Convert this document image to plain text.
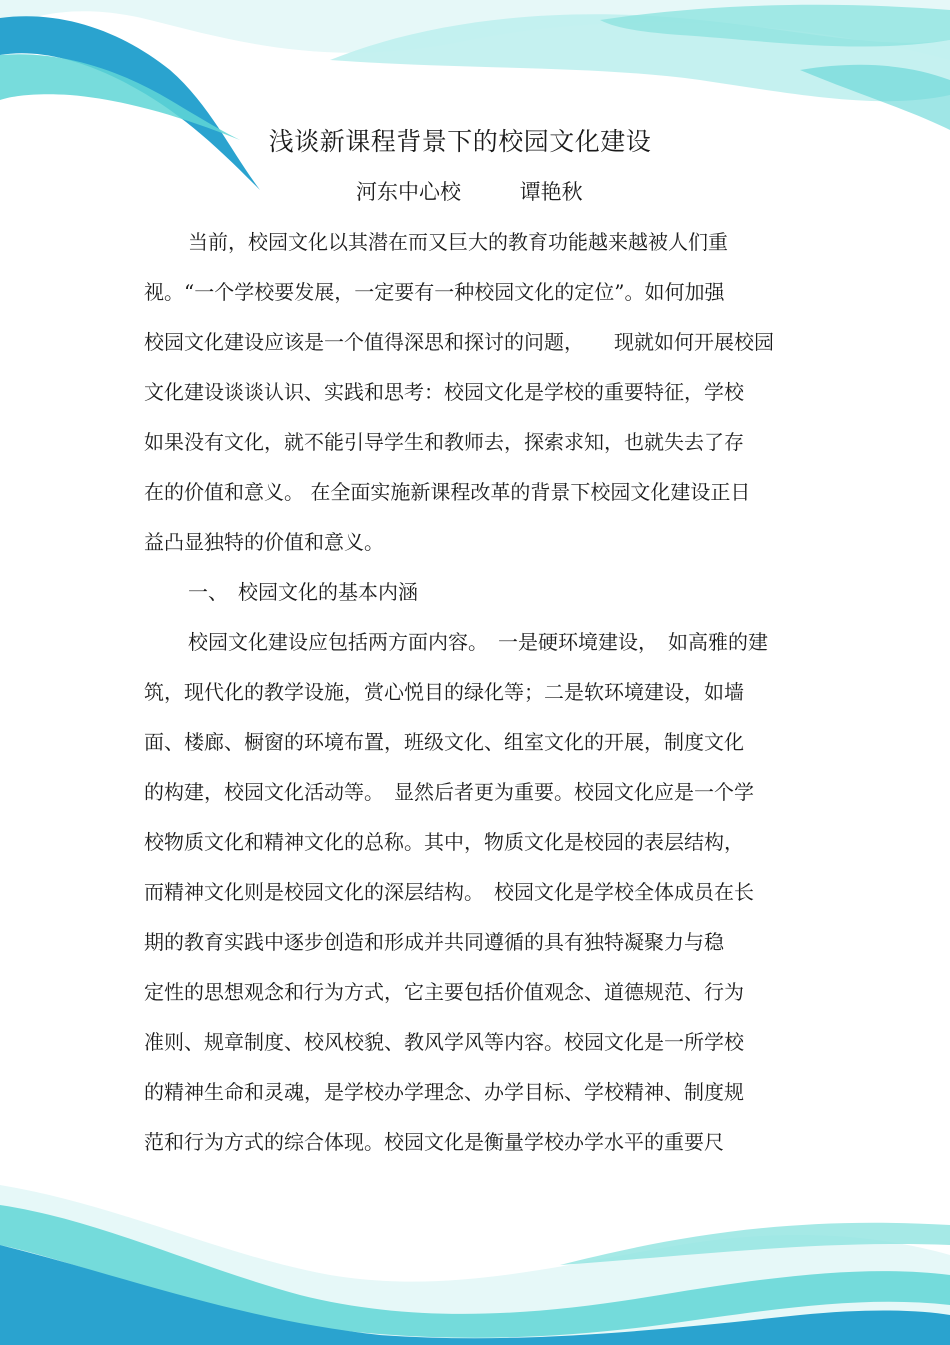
浅谈新课程背景下的校园文化建设
河东中心校	谭艳秋
当前，校园文化以其潜在而又巨大的教育功能越来越被人们重
视。“一个学校要发展，一定要有一种校园文化的定位”。如何加强
校园文化建设应该是一个值得深思和探讨的问题，　　现就如何开展校园
文化建设谈谈认识、实践和思考：校园文化是学校的重要特征，学校
如果没有文化，就不能引导学生和教师去，探索求知，也就失去了存
在的价值和意义。 在全面实施新课程改革的背景下校园文化建设正日
益凸显独特的价值和意义。
一、　校园文化的基本内涵
校园文化建设应包括两方面内容。　一是硬环境建设，　如高雅的建
筑，现代化的教学设施，赏心悦目的绿化等；二是软环境建设，如墙
面、楼廊、橱窗的环境布置，班级文化、组室文化的开展，制度文化
的构建，校园文化活动等。　显然后者更为重要。校园文化应是一个学
校物质文化和精神文化的总称。其中，物质文化是校园的表层结构，
而精神文化则是校园文化的深层结构。　校园文化是学校全体成员在长
期的教育实践中逐步创造和形成并共同遵循的具有独特凝聚力与稳
定性的思想观念和行为方式，它主要包括价值观念、道德规范、行为
准则、规章制度、校风校貌、教风学风等内容。校园文化是一所学校
的精神生命和灵魂，是学校办学理念、办学目标、学校精神、制度规
范和行为方式的综合体现。校园文化是衡量学校办学水平的重要尺
